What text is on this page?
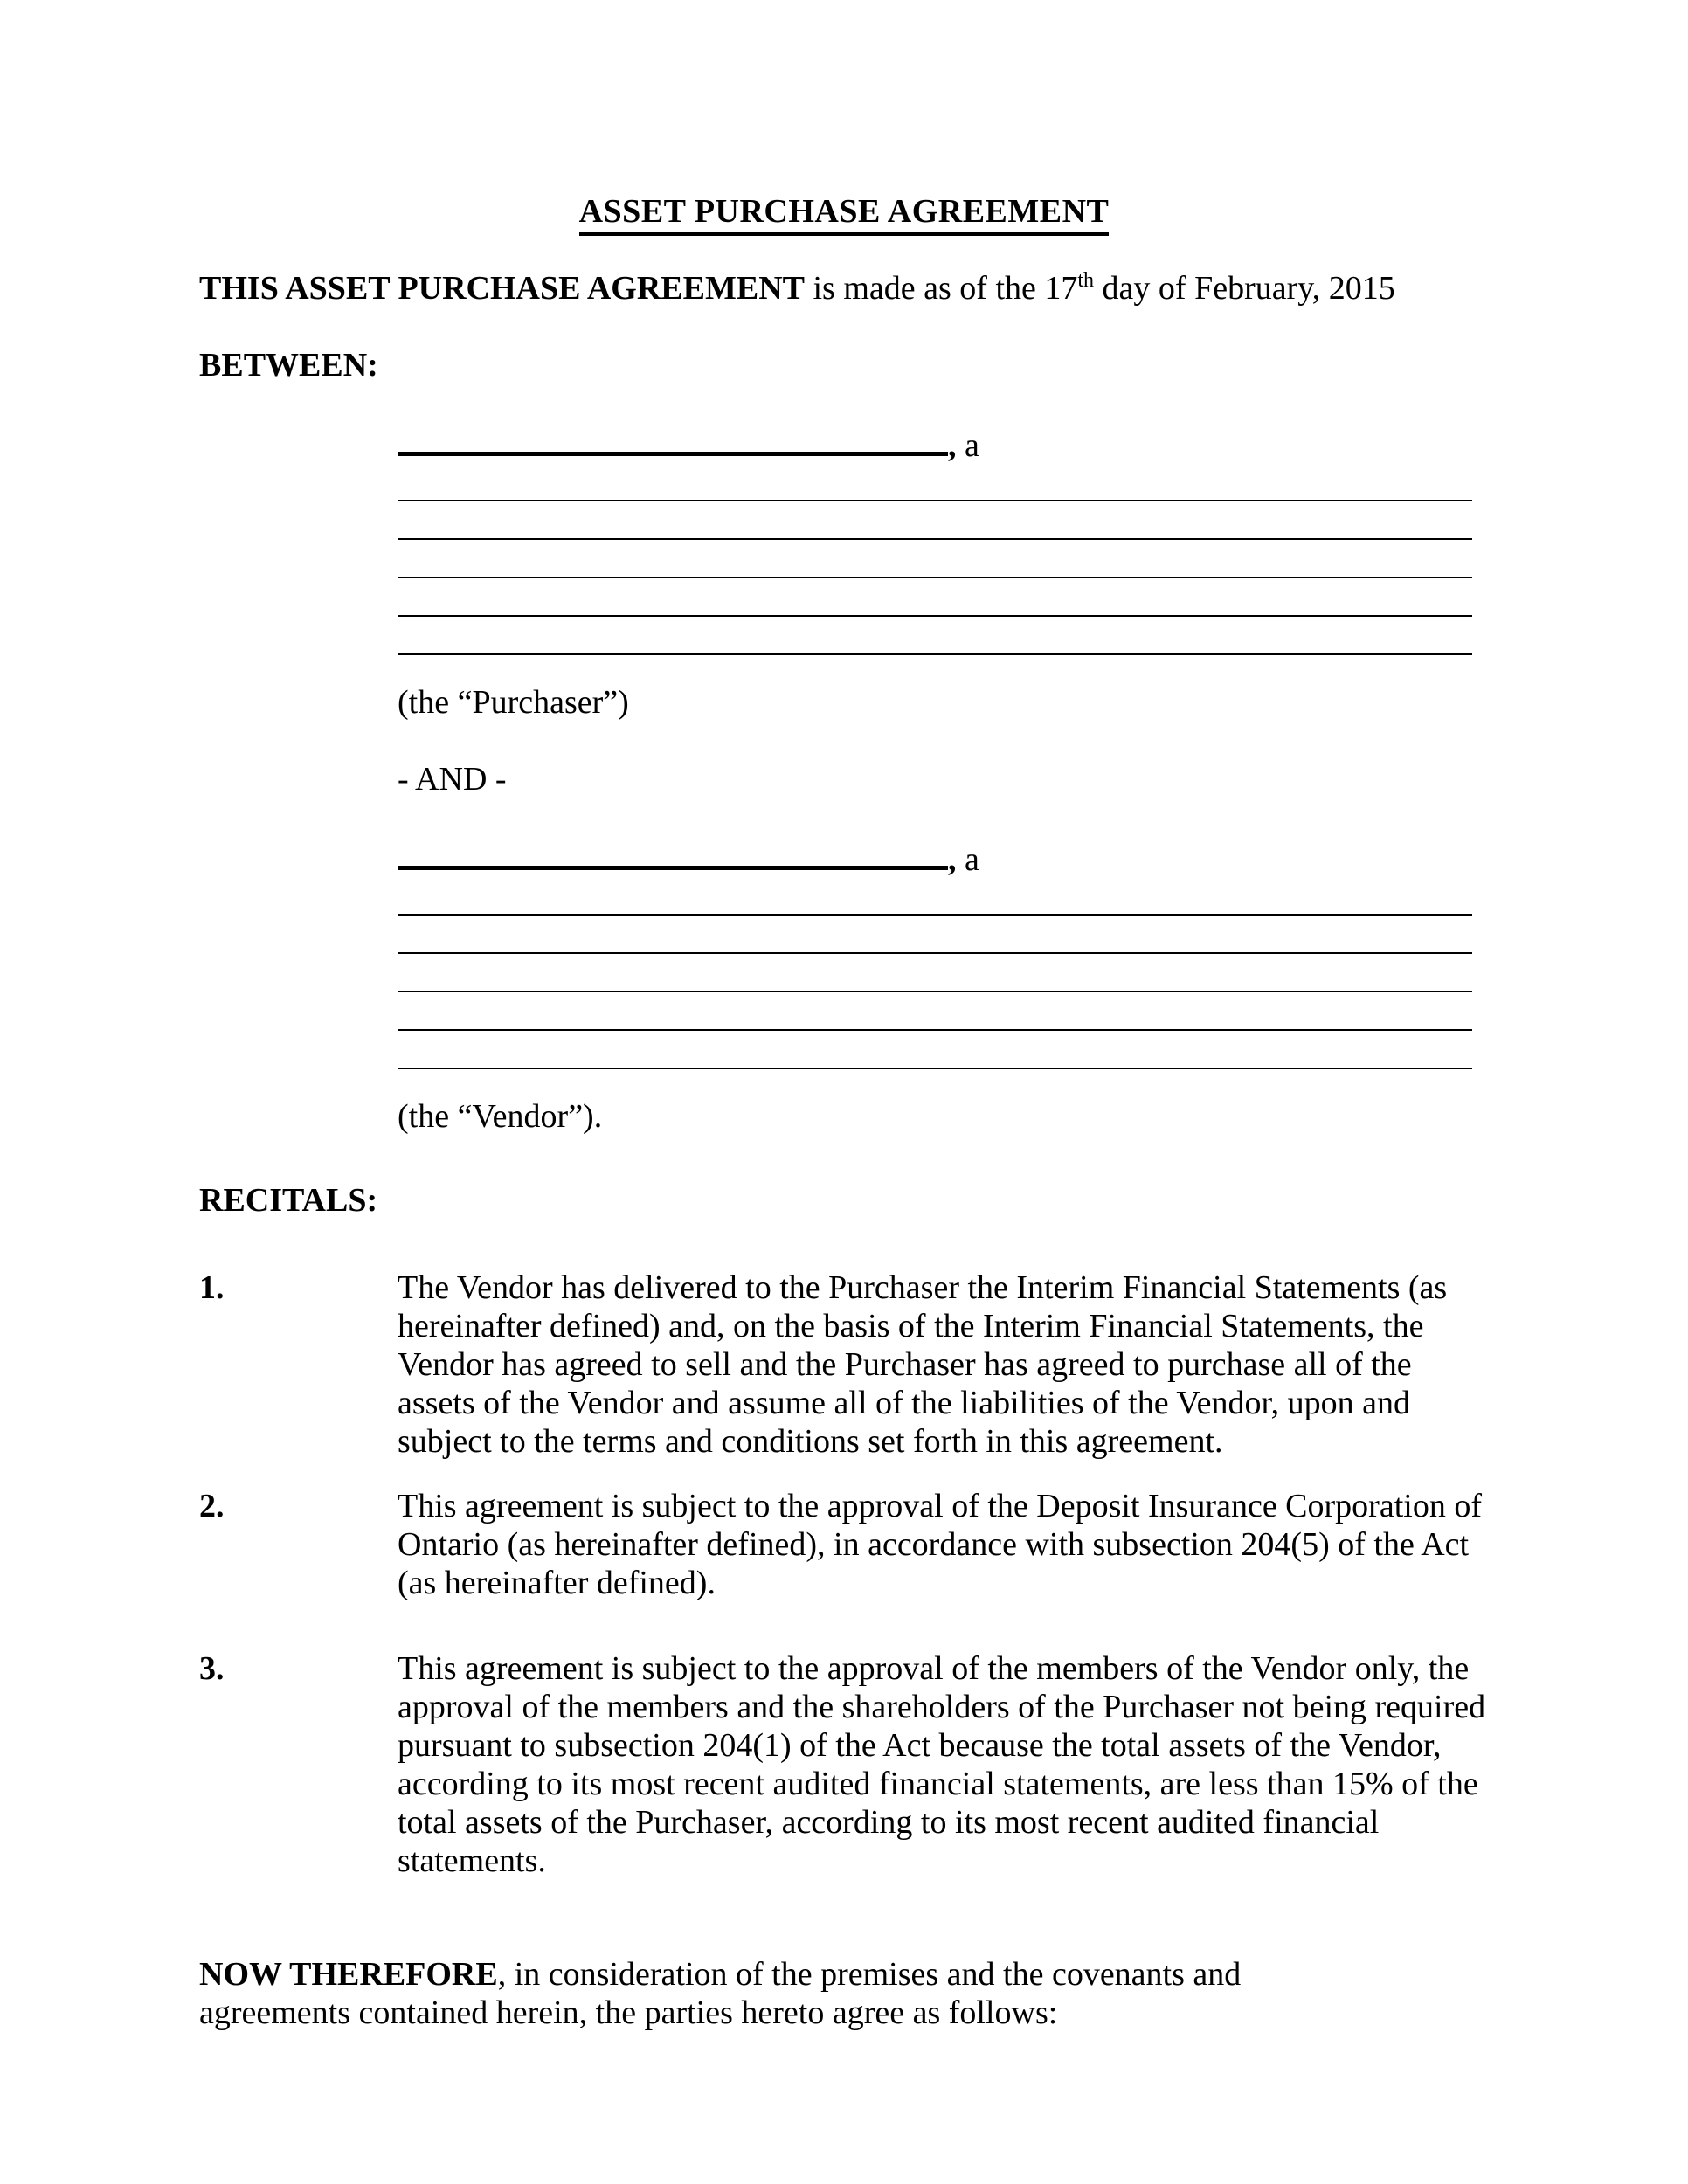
ASSET PURCHASE AGREEMENT
THIS ASSET PURCHASE AGREEMENT is made as of the 17th day of February, 2015
BETWEEN:
, a
(the “Purchaser”)
- AND -
, a
(the “Vendor”).
RECITALS:
1.	The Vendor has delivered to the Purchaser the Interim Financial Statements (as hereinafter defined) and, on the basis of the Interim Financial Statements, the Vendor has agreed to sell and the Purchaser has agreed to purchase all of the assets of the Vendor and assume all of the liabilities of the Vendor, upon and subject to the terms and conditions set forth in this agreement.
2.	This agreement is subject to the approval of the Deposit Insurance Corporation of Ontario (as hereinafter defined), in accordance with subsection 204(5) of the Act (as hereinafter defined).
3.	This agreement is subject to the approval of the members of the Vendor only, the approval of the members and the shareholders of the Purchaser not being required pursuant to subsection 204(1) of the Act because the total assets of the Vendor, according to its most recent audited financial statements, are less than 15% of the total assets of the Purchaser, according to its most recent audited financial statements.
NOW THEREFORE, in consideration of the premises and the covenants and agreements contained herein, the parties hereto agree as follows:
